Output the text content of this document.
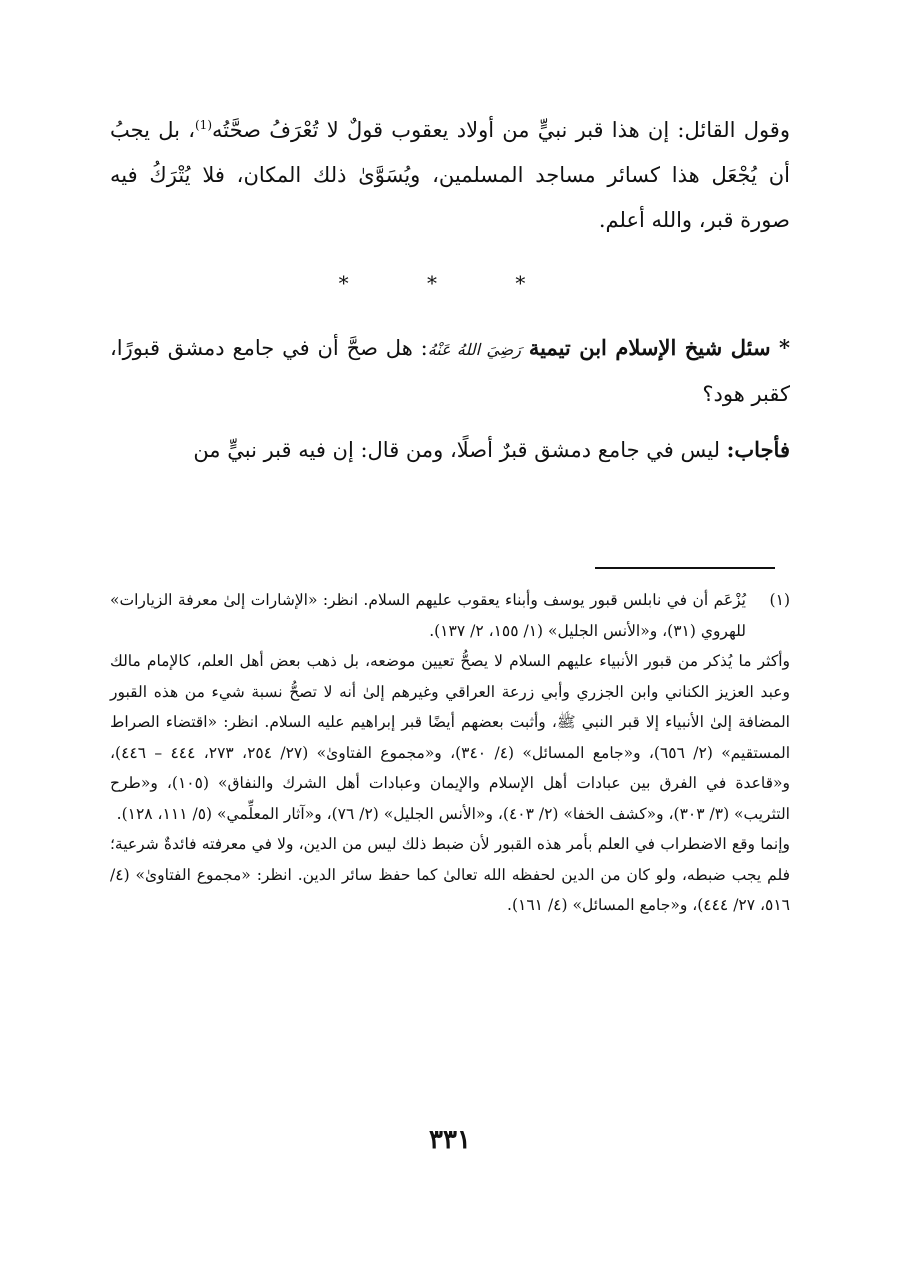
وقول القائل: إن هذا قبر نبيٍّ من أولاد يعقوب قولٌ لا تُعْرَفُ صحَّتُه$^{(1)}$، بل يجبُ أن يُجْعَل هذا كسائر مساجد المسلمين، ويُسَوَّىٰ ذلك المكان، فلا يُتْرَكُ فيه صورة قبر، والله أعلم.

* * *

* سئل شيخ الإسلام ابن تيمية رَضِيَ اللهُ عَنْهُ: هل صحَّ أن في جامع دمشق قبورًا، كقبر هود؟

فأجاب: ليس في جامع دمشق قبرٌ أصلًا، ومن قال: إن فيه قبر نبيٍّ من

(١)
يُزْعَم أن في نابلس قبور يوسف وأبناء يعقوب عليهم السلام. انظر: «الإشارات إلىٰ معرفة الزيارات» للهروي (٣١)، و«الأنس الجليل» (١/ ١٥٥، ٢/ ١٣٧).

وأكثر ما يُذكر من قبور الأنبياء عليهم السلام لا يصحُّ تعيين موضعه، بل ذهب بعض أهل العلم، كالإمام مالك وعبد العزيز الكناني وابن الجزري وأبي زرعة العراقي وغيرهم إلىٰ أنه لا تصحُّ نسبة شيء من هذه القبور المضافة إلىٰ الأنبياء إلا قبر النبي ﷺ، وأثبت بعضهم أيضًا قبر إبراهيم عليه السلام. انظر: «اقتضاء الصراط المستقيم» (٢/ ٦٥٦)، و«جامع المسائل» (٤/ ٣٤٠)، و«مجموع الفتاوىٰ» (٢٧/ ٢٥٤، ٢٧٣، ٤٤٤ – ٤٤٦)، و«قاعدة في الفرق بين عبادات أهل الإسلام والإيمان وعبادات أهل الشرك والنفاق» (١٠٥)، و«طرح التثريب» (٣/ ٣٠٣)، و«كشف الخفا» (٢/ ٤٠٣)، و«الأنس الجليل» (٢/ ٧٦)، و«آثار المعلِّمي» (٥/ ١١١، ١٢٨).

وإنما وقع الاضطراب في العلم بأمر هذه القبور لأن ضبط ذلك ليس من الدين، ولا في معرفته فائدةٌ شرعية؛ فلم يجب ضبطه، ولو كان من الدين لحفظه الله تعالىٰ كما حفظ سائر الدين. انظر: «مجموع الفتاوىٰ» (٤/ ٥١٦، ٢٧/ ٤٤٤)، و«جامع المسائل» (٤/ ١٦١).

٣٣١
